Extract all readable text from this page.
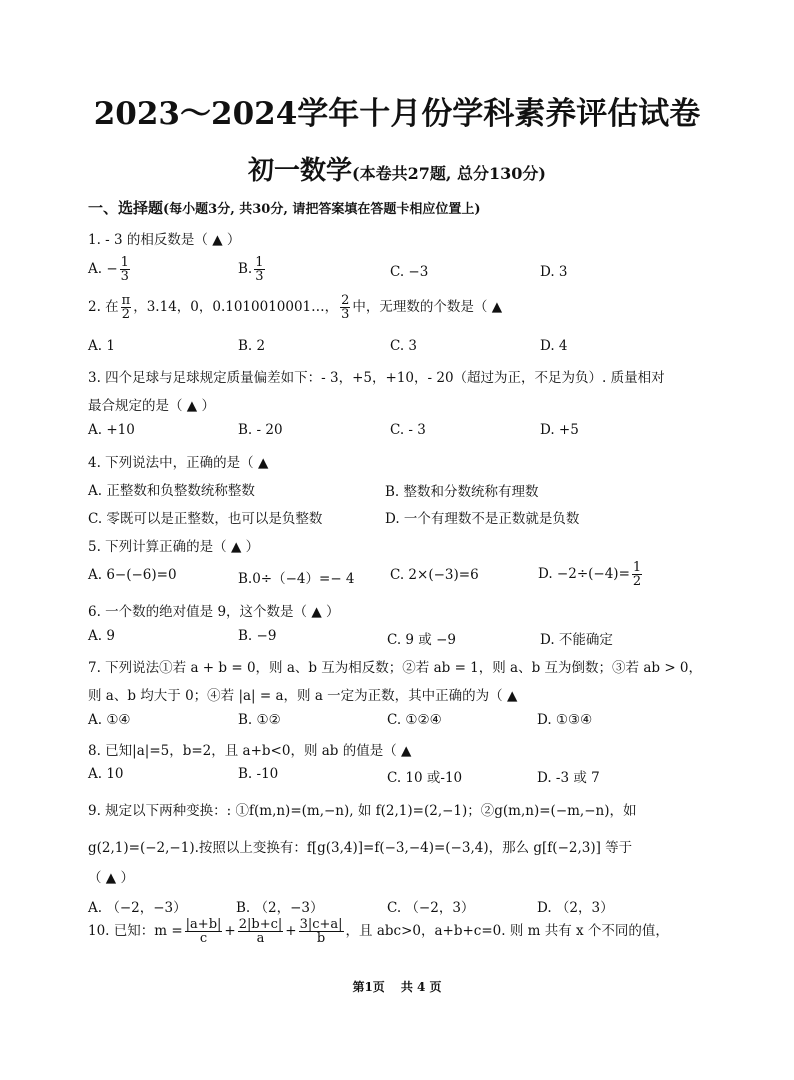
2023～2024学年十月份学科素养评估试卷
初一数学(本卷共27题, 总分130分)
一、选择题(每小题3分, 共30分, 请把答案填在答题卡相应位置上)
1. - 3 的相反数是（ ▲ ）
A. − $\frac{1}{3}$	B. $\frac{1}{3}$	C. −3	D. 3
2. 在 $\frac{\pi}{2}$ ，3.14，0，0.1010010001…， $\frac{2}{3}$ 中，无理数的个数是（ ▲
A. 1	B. 2	C. 3	D. 4
3. 四个足球与足球规定质量偏差如下：- 3，+5，+10，- 20（超过为正，不足为负）. 质量相对
最合规定的是（ ▲ ）
A. +10	B. - 20	C. - 3	D. +5
4. 下列说法中，正确的是（ ▲
A. 正整数和负整数统称整数	B. 整数和分数统称有理数
C. 零既可以是正整数，也可以是负整数	D. 一个有理数不是正数就是负数
5. 下列计算正确的是（ ▲ ）
A. 6−(−6)=0	B.0÷（−4）=− 4	C. 2×(−3)=6	D. $-2\div(-4)= \frac{1}{2}$
6. 一个数的绝对值是 9，这个数是（ ▲ ）
A. 9	B. −9	C. 9 或 −9	D. 不能确定
7. 下列说法①若 a + b = 0，则 a、b 互为相反数；②若 ab = 1，则 a、b 互为倒数；③若 ab > 0，
则 a、b 均大于 0；④若 |a| = a，则 a 一定为正数，其中正确的为（ ▲
A. ①④	B. ①②	C. ①②④	D. ①③④
8. 已知|a|=5，b=2，且 a+b<0，则 ab 的值是（ ▲
A. 10	B. -10	C. 10 或-10	D. -3 或 7
9. 规定以下两种变换：: ①f(m,n)=(m,−n), 如 f(2,1)=(2,−1)；②g(m,n)=(−m,−n)，如
g(2,1)=(−2,−1).按照以上变换有：f[g(3,4)]=f(−3,−4)=(−3,4)，那么 g[f(−2,3)] 等于
（ ▲ ）
A. （−2，−3）	B. （2，−3）	C. （−2，3）	D. （2，3）
10. 已知：$m = \frac{|a+b|}{c} + \frac{2|b+c|}{a} + \frac{3|c+a|}{b}$ ，且 abc>0，a+b+c=0. 则 m 共有 x 个不同的值，
第1页 共 4 页
